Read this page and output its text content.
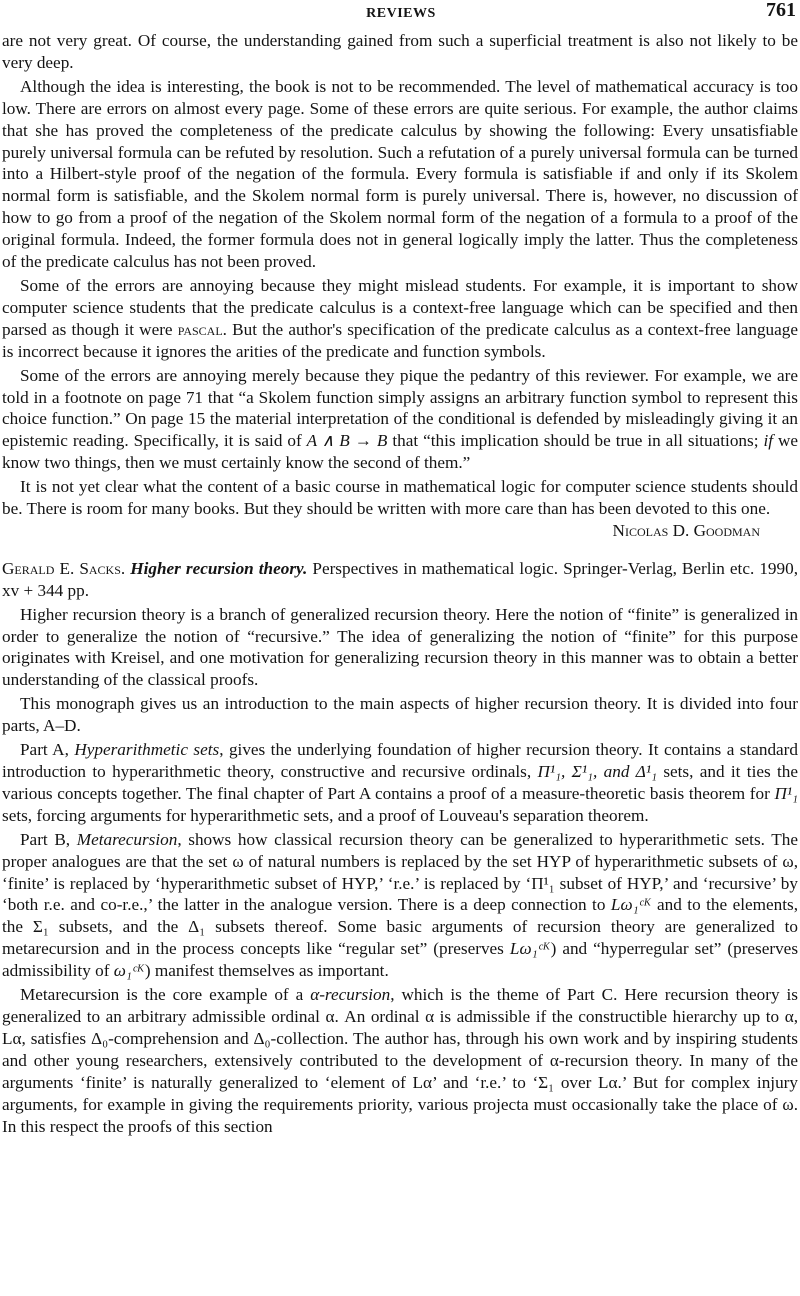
REVIEWS	761

are not very great. Of course, the understanding gained from such a superficial treatment is also not likely to be very deep.

Although the idea is interesting, the book is not to be recommended. The level of mathematical accuracy is too low. There are errors on almost every page. Some of these errors are quite serious. For example, the author claims that she has proved the completeness of the predicate calculus by showing the following: Every unsatisfiable purely universal formula can be refuted by resolution. Such a refutation of a purely universal formula can be turned into a Hilbert-style proof of the negation of the formula. Every formula is satisfiable if and only if its Skolem normal form is satisfiable, and the Skolem normal form is purely universal. There is, however, no discussion of how to go from a proof of the negation of the Skolem normal form of the negation of a formula to a proof of the original formula. Indeed, the former formula does not in general logically imply the latter. Thus the completeness of the predicate calculus has not been proved.

Some of the errors are annoying because they might mislead students. For example, it is important to show computer science students that the predicate calculus is a context-free language which can be specified and then parsed as though it were pascal. But the author's specification of the predicate calculus as a context-free language is incorrect because it ignores the arities of the predicate and function symbols.

Some of the errors are annoying merely because they pique the pedantry of this reviewer. For example, we are told in a footnote on page 71 that “a Skolem function simply assigns an arbitrary function symbol to represent this choice function.” On page 15 the material interpretation of the conditional is defended by misleadingly giving it an epistemic reading. Specifically, it is said of A ∧ B → B that “this implication should be true in all situations; if we know two things, then we must certainly know the second of them.”

It is not yet clear what the content of a basic course in mathematical logic for computer science students should be. There is room for many books. But they should be written with more care than has been devoted to this one.
Nicolas D. Goodman

Gerald E. Sacks. Higher recursion theory. Perspectives in mathematical logic. Springer-Verlag, Berlin etc. 1990, xv + 344 pp.

Higher recursion theory is a branch of generalized recursion theory. Here the notion of “finite” is generalized in order to generalize the notion of “recursive.” The idea of generalizing the notion of “finite” for this purpose originates with Kreisel, and one motivation for generalizing recursion theory in this manner was to obtain a better understanding of the classical proofs.

This monograph gives us an introduction to the main aspects of higher recursion theory. It is divided into four parts, A–D.

Part A, Hyperarithmetic sets, gives the underlying foundation of higher recursion theory. It contains a standard introduction to hyperarithmetic theory, constructive and recursive ordinals, Π¹₁, Σ¹₁, and Δ¹₁ sets, and it ties the various concepts together. The final chapter of Part A contains a proof of a measure-theoretic basis theorem for Π¹₁ sets, forcing arguments for hyperarithmetic sets, and a proof of Louveau's separation theorem.

Part B, Metarecursion, shows how classical recursion theory can be generalized to hyperarithmetic sets. The proper analogues are that the set ω of natural numbers is replaced by the set HYP of hyperarithmetic subsets of ω, ‘finite’ is replaced by ‘hyperarithmetic subset of HYP,’ ‘r.e.’ is replaced by ‘Π¹₁ subset of HYP,’ and ‘recursive’ by ‘both r.e. and co-r.e.,’ the latter in the analogue version. There is a deep connection to Lω₁ᶜᴷ and to the elements, the Σ₁ subsets, and the Δ₁ subsets thereof. Some basic arguments of recursion theory are generalized to metarecursion and in the process concepts like “regular set” (preserves Lω₁ᶜᴷ) and “hyperregular set” (preserves admissibility of ω₁ᶜᴷ) manifest themselves as important.

Metarecursion is the core example of a α-recursion, which is the theme of Part C. Here recursion theory is generalized to an arbitrary admissible ordinal α. An ordinal α is admissible if the constructible hierarchy up to α, Lα, satisfies Δ₀-comprehension and Δ₀-collection. The author has, through his own work and by inspiring students and other young researchers, extensively contributed to the development of α-recursion theory. In many of the arguments ‘finite’ is naturally generalized to ‘element of Lα’ and ‘r.e.’ to ‘Σ₁ over Lα.’ But for complex injury arguments, for example in giving the requirements priority, various projecta must occasionally take the place of ω. In this respect the proofs of this section
